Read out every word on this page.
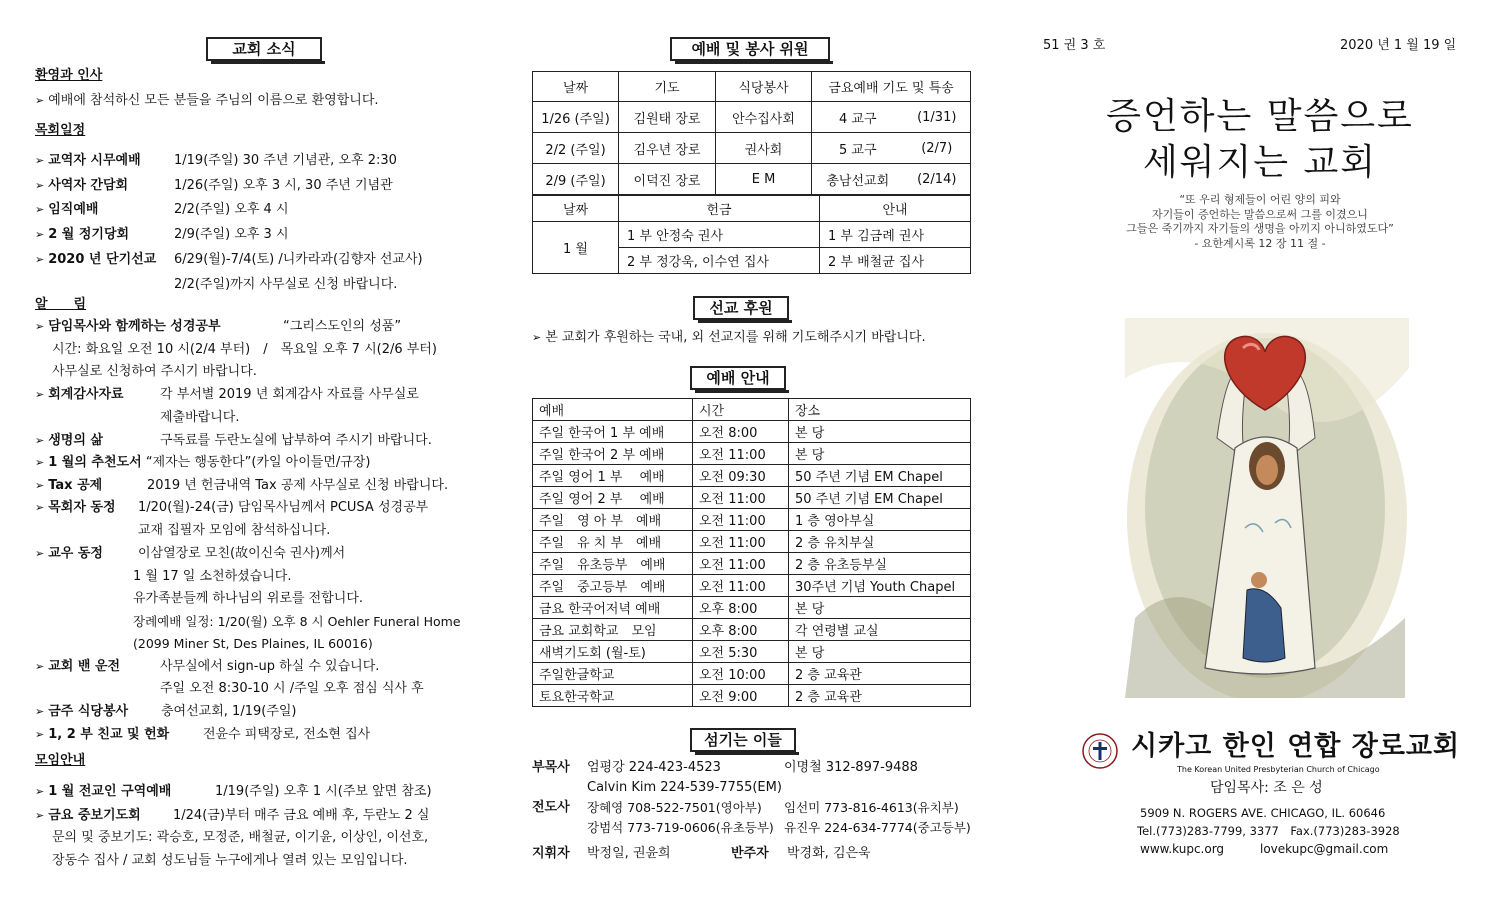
교회 소식
환영과 인사
➢ 예배에 참석하신 모든 분들을 주님의 이름으로 환영합니다.
목회일정
➢ 교역자 시무예배	1/19(주일) 30 주년 기념관, 오후 2:30
➢ 사역자 간담회	1/26(주일) 오후 3 시, 30 주년 기념관
➢ 임직예배	2/2(주일) 오후 4 시
➢ 2 월 정기당회	2/9(주일) 오후 3 시
➢ 2020 년 단기선교 6/29(월)-7/4(토) /니카라과(김향자 선교사)
2/2(주일)까지 사무실로 신청 바랍니다.
알　　림
➢ 담임목사와 함께하는 성경공부	“그리스도인의 성품”
시간: 화요일 오전 10 시(2/4 부터)　/　목요일 오후 7 시(2/6 부터)
사무실로 신청하여 주시기 바랍니다.
➢ 회계감사자료	각 부서별 2019 년 회계감사 자료를 사무실로
제출바랍니다.
➢ 생명의 삶	구독료를 두란노실에 납부하여 주시기 바랍니다.
➢ 1 월의 추천도서 “제자는 행동한다”(카일 아이들먼/규장)
➢ Tax 공제	2019 년 헌금내역 Tax 공제 사무실로 신청 바랍니다.
➢ 목회자 동정 1/20(월)-24(금) 담임목사님께서 PCUSA 성경공부
교재 집필자 모임에 참석하십니다.
➢ 교우 동정	이삼열장로 모친(故이신숙 권사)께서
1 월 17 일 소천하셨습니다.
유가족분들께 하나님의 위로를 전합니다.
장례예배 일정: 1/20(월) 오후 8 시 Oehler Funeral Home
(2099 Miner St, Des Plaines, IL 60016)
➢ 교회 밴 운전	사무실에서 sign-up 하실 수 있습니다.
주일 오전 8:30-10 시 /주일 오후 점심 식사 후
➢ 금주 식당봉사	충여선교회, 1/19(주일)
➢ 1, 2 부 친교 및 헌화	전윤수 피택장로, 전소현 집사
모임안내
➢ 1 월 전교인 구역예배	1/19(주일) 오후 1 시(주보 앞면 참조)
➢ 금요 중보기도회 1/24(금)부터 매주 금요 예배 후, 두란노 2 실
문의 및 중보기도: 곽승호, 모정준, 배철균, 이기윤, 이상인, 이선호,
장동수 집사 / 교회 성도님들 누구에게나 열려 있는 모임입니다.
예배 및 봉사 위원
날짜	기도	식당봉사	금요예배 기도 및 특송	
1/26 (주일)	김원태 장로	안수집사회	4 교구	(1/31)
2/2 (주일)	김우년 장로	권사회	5 교구	(2/7)
2/9 (주일)	이덕진 장로	E M	총남선교회	(2/14)
날짜	헌금	안내
1 월	1 부 안정숙 권사	1 부 김금례 권사
	2 부 정강욱, 이수연 집사	2 부 배철균 집사
선교 후원
➢ 본 교회가 후원하는 국내, 외 선교지를 위해 기도해주시기 바랍니다.
예배 안내
예배	시간	장소
주일 한국어 1 부 예배	오전 8:00	본 당
주일 한국어 2 부 예배	오전 11:00	본 당
주일 영어 1 부　 예배	오전 09:30	50 주년 기념 EM Chapel
주일 영어 2 부　 예배	오전 11:00	50 주년 기념 EM Chapel
주일　영 아 부　예배	오전 11:00	1 층 영아부실
주일　유 치 부　예배	오전 11:00	2 층 유치부실
주일　유초등부　예배	오전 11:00	2 층 유초등부실
주일　중고등부　예배	오전 11:00	30주년 기념 Youth Chapel
금요 한국어저녁 예배	오후 8:00	본 당
금요 교회학교　모임	오후 8:00	각 연령별 교실
새벽기도회 (월-토)	오전 5:30	본 당
주일한글학교	오전 10:00	2 층 교육관
토요한국학교	오전 9:00	2 층 교육관
섬기는 이들
부목사 엄평강 224-423-4523	이명철 312-897-9488
Calvin Kim 224-539-7755(EM)
전도사 장혜영 708-522-7501(영아부) 임선미 773-816-4613(유치부)
강범석 773-719-0606(유초등부) 유진우 224-634-7774(중고등부)
지휘자 박정일, 권윤희	반주자 박경화, 김은욱
51 권 3 호	2020 년 1 월 19 일
증언하는 말씀으로
세워지는 교회
“또 우리 형제들이 어린 양의 피와
자기들이 증언하는 말씀으로써 그를 이겼으니
그들은 죽기까지 자기들의 생명을 아끼지 아니하였도다”
- 요한계시록 12 장 11 절 -
시카고 한인 연합 장로교회
The Korean United Presbyterian Church of Chicago
담임목사: 조 은 성
5909 N. ROGERS AVE. CHICAGO, IL. 60646
Tel.(773)283-7799, 3377　Fax.(773)283-3928
www.kupc.org	lovekupc@gmail.com
